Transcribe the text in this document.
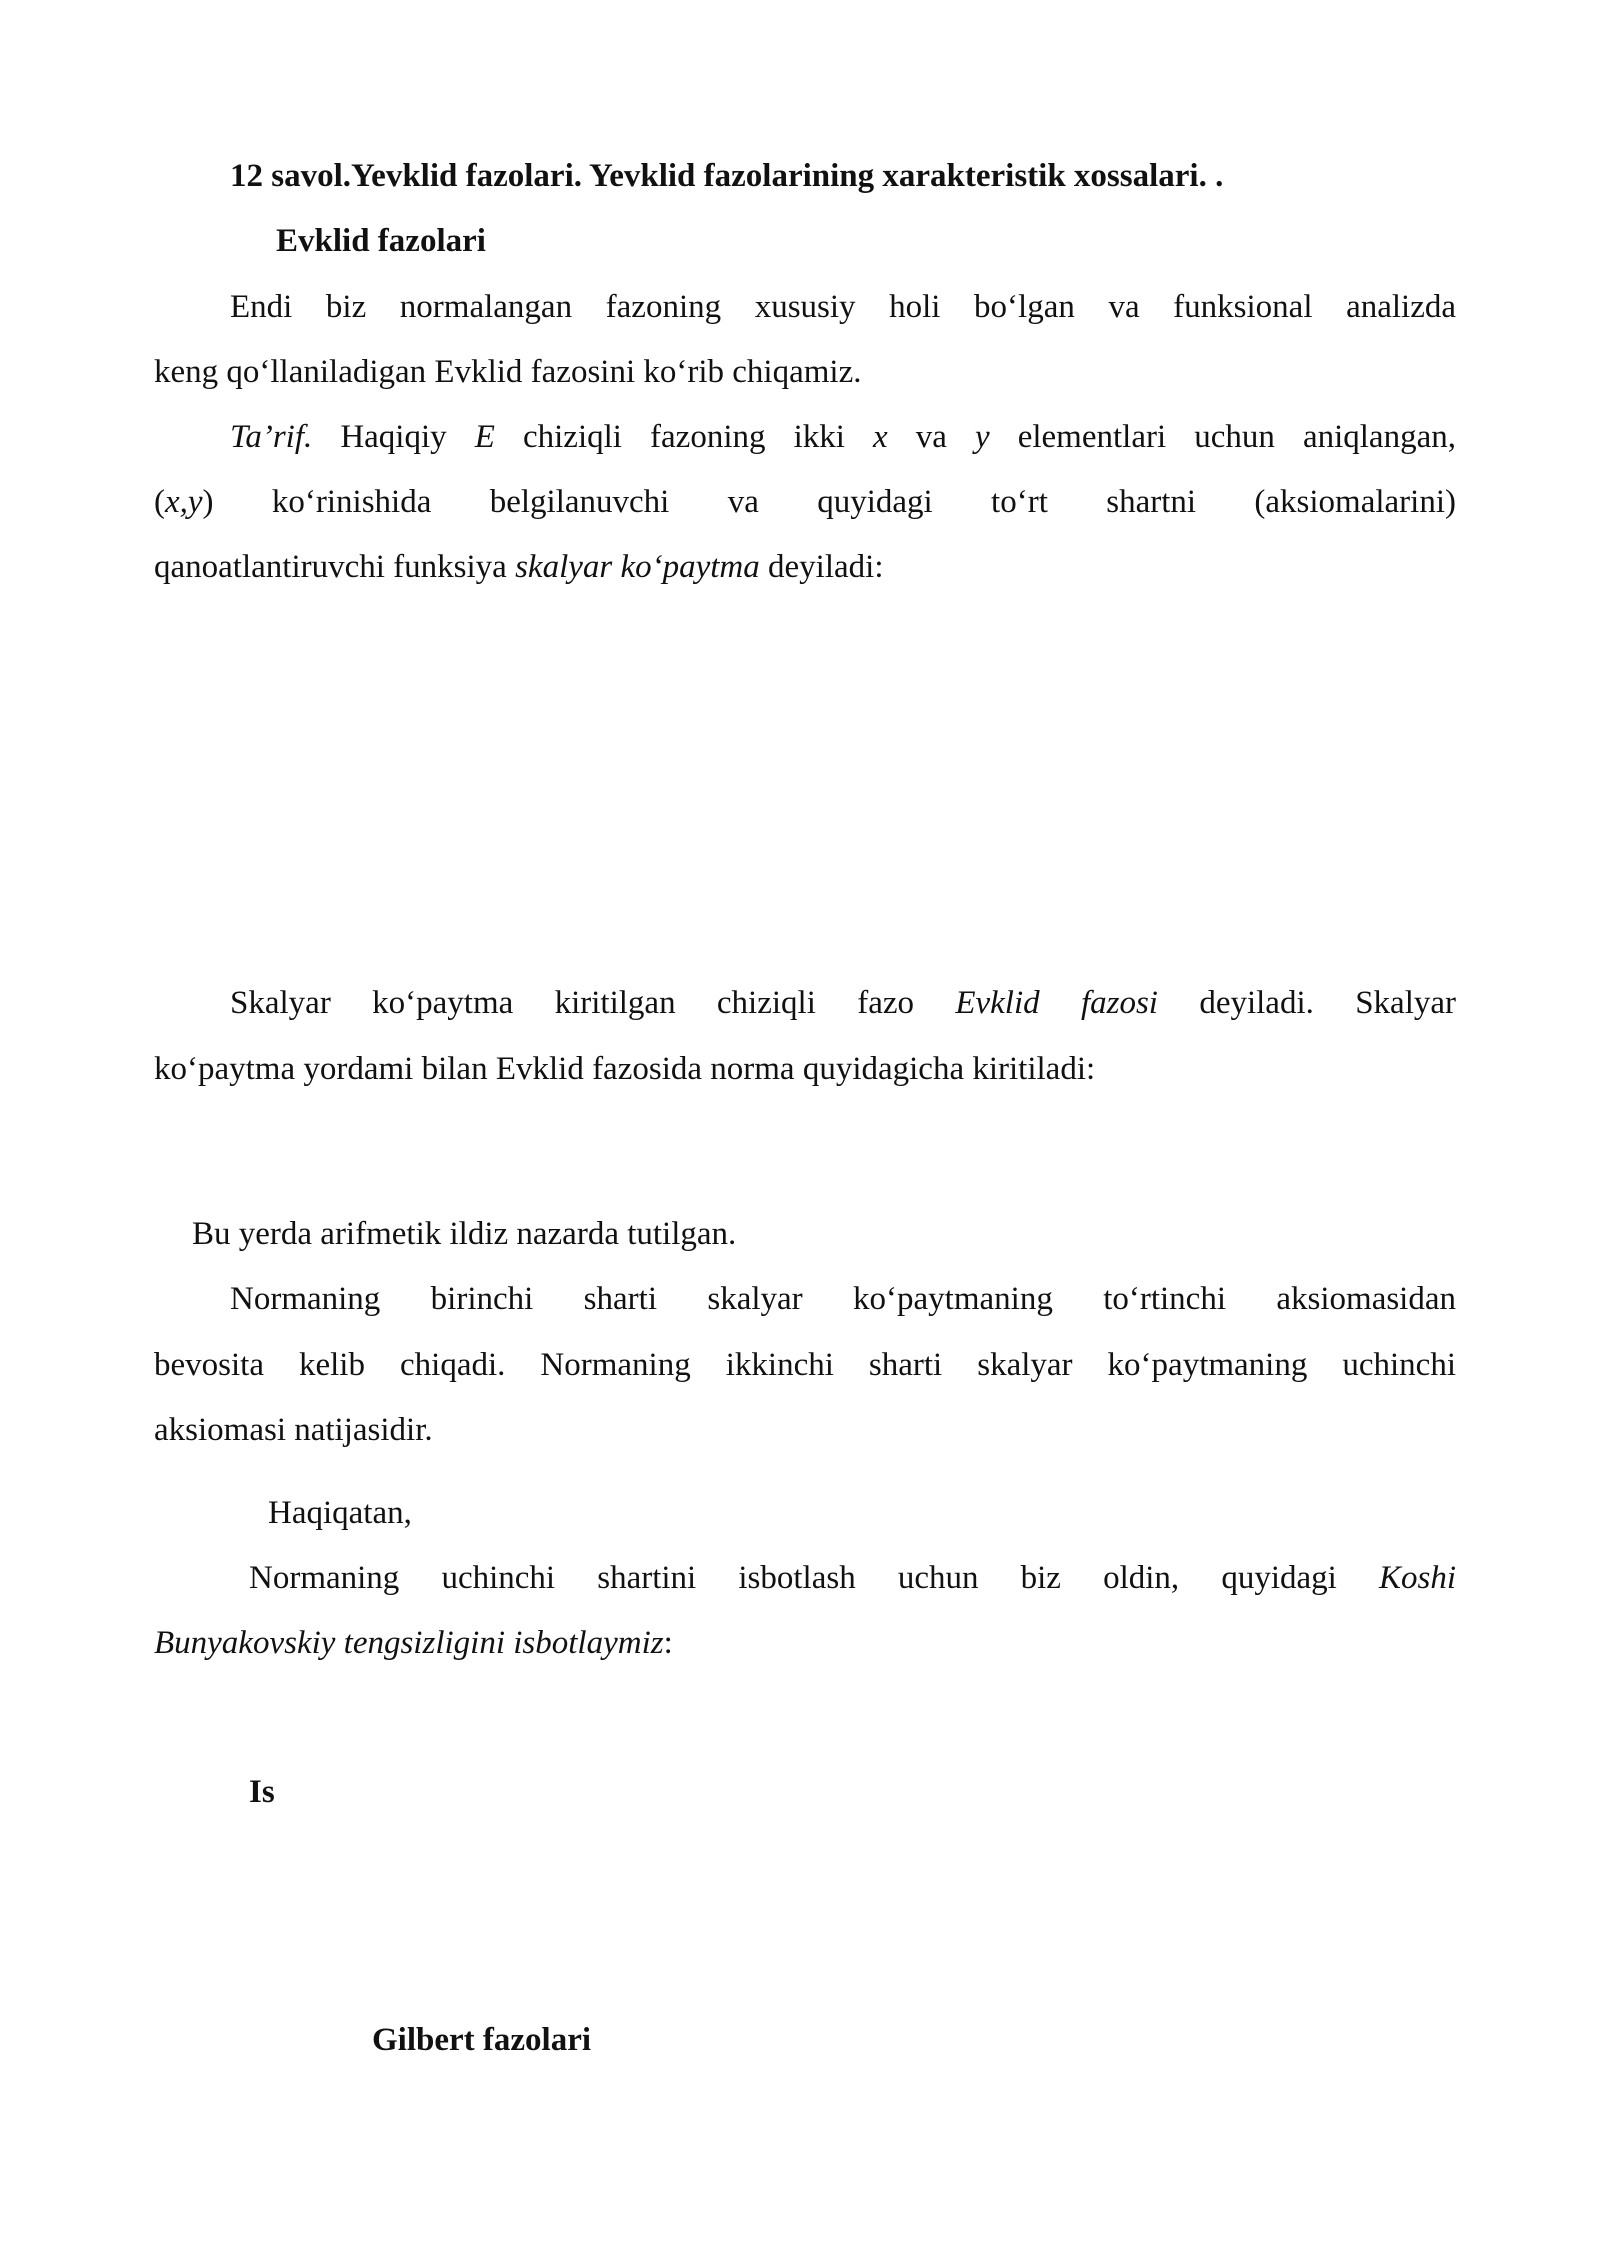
12 savol.Yevklid fazolari. Yevklid fazolarining xarakteristik xossalari. .
Evklid fazolari
Endi biz normalangan fazoning xususiy holi bo‘lgan va funksional analizda
keng qo‘llaniladigan Evklid fazosini ko‘rib chiqamiz.
Ta’rif. Haqiqiy E chiziqli fazoning ikki x va y elementlari uchun aniqlangan,
(x,y) ko‘rinishida belgilanuvchi va quyidagi to‘rt shartni (aksiomalarini)
qanoatlantiruvchi funksiya skalyar ko‘paytma deyiladi:
Skalyar ko‘paytma kiritilgan chiziqli fazo Evklid fazosi deyiladi. Skalyar
ko‘paytma yordami bilan Evklid fazosida norma quyidagicha kiritiladi:
Bu yerda arifmetik ildiz nazarda tutilgan.
Normaning birinchi sharti skalyar ko‘paytmaning to‘rtinchi aksiomasidan
bevosita kelib chiqadi. Normaning ikkinchi sharti skalyar ko‘paytmaning uchinchi
aksiomasi natijasidir.
Haqiqatan,
Normaning uchinchi shartini isbotlash uchun biz oldin, quyidagi Koshi
Bunyakovskiy tengsizligini isbotlaymiz:
Is
Gilbert fazolari
